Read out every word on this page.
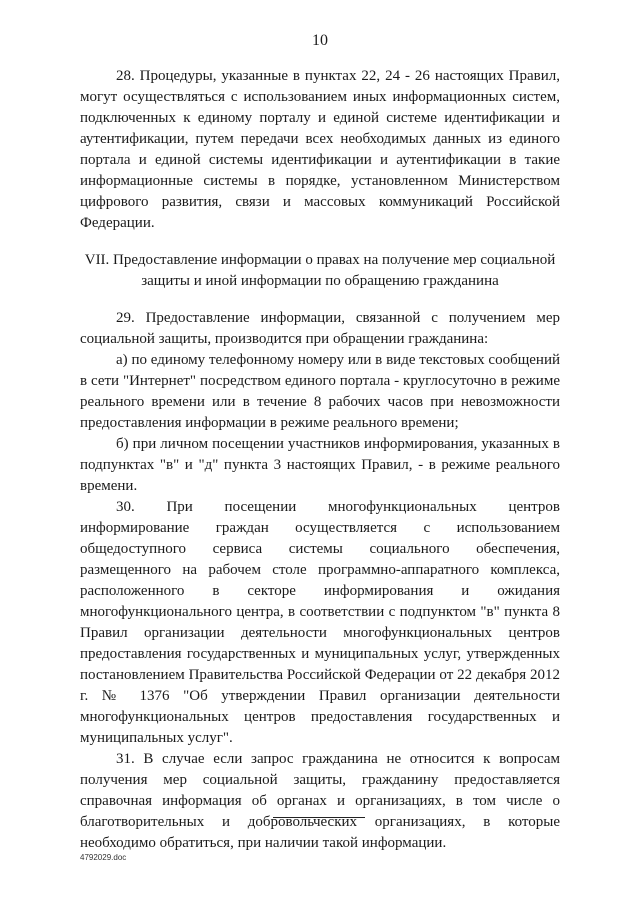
10

28. Процедуры, указанные в пунктах 22, 24 - 26 настоящих Правил, могут осуществляться с использованием иных информационных систем, подключенных к единому порталу и единой системе идентификации и аутентификации, путем передачи всех необходимых данных из единого портала и единой системы идентификации и аутентификации в такие информационные системы в порядке, установленном Министерством цифрового развития, связи и массовых коммуникаций Российской Федерации.

VII. Предоставление информации о правах на получение мер социальной
защиты и иной информации по обращению гражданина

29. Предоставление информации, связанной с получением мер социальной защиты, производится при обращении гражданина:

а) по единому телефонному номеру или в виде текстовых сообщений в сети "Интернет" посредством единого портала - круглосуточно в режиме реального времени или в течение 8 рабочих часов при невозможности предоставления информации в режиме реального времени;

б) при личном посещении участников информирования, указанных в подпунктах "в" и "д" пункта 3 настоящих Правил, - в режиме реального времени.

30. При посещении многофункциональных центров информирование граждан осуществляется с использованием общедоступного сервиса системы социального обеспечения, размещенного на рабочем столе программно-аппаратного комплекса, расположенного в секторе информирования и ожидания многофункционального центра, в соответствии с подпунктом "в" пункта 8 Правил организации деятельности многофункциональных центров предоставления государственных и муниципальных услуг, утвержденных постановлением Правительства Российской Федерации от 22 декабря 2012 г. № 1376 "Об утверждении Правил организации деятельности многофункциональных центров предоставления государственных и муниципальных услуг".

31. В случае если запрос гражданина не относится к вопросам получения мер социальной защиты, гражданину предоставляется справочная информация об органах и организациях, в том числе о благотворительных и добровольческих организациях, в которые необходимо обратиться, при наличии такой информации.

4792029.doc
